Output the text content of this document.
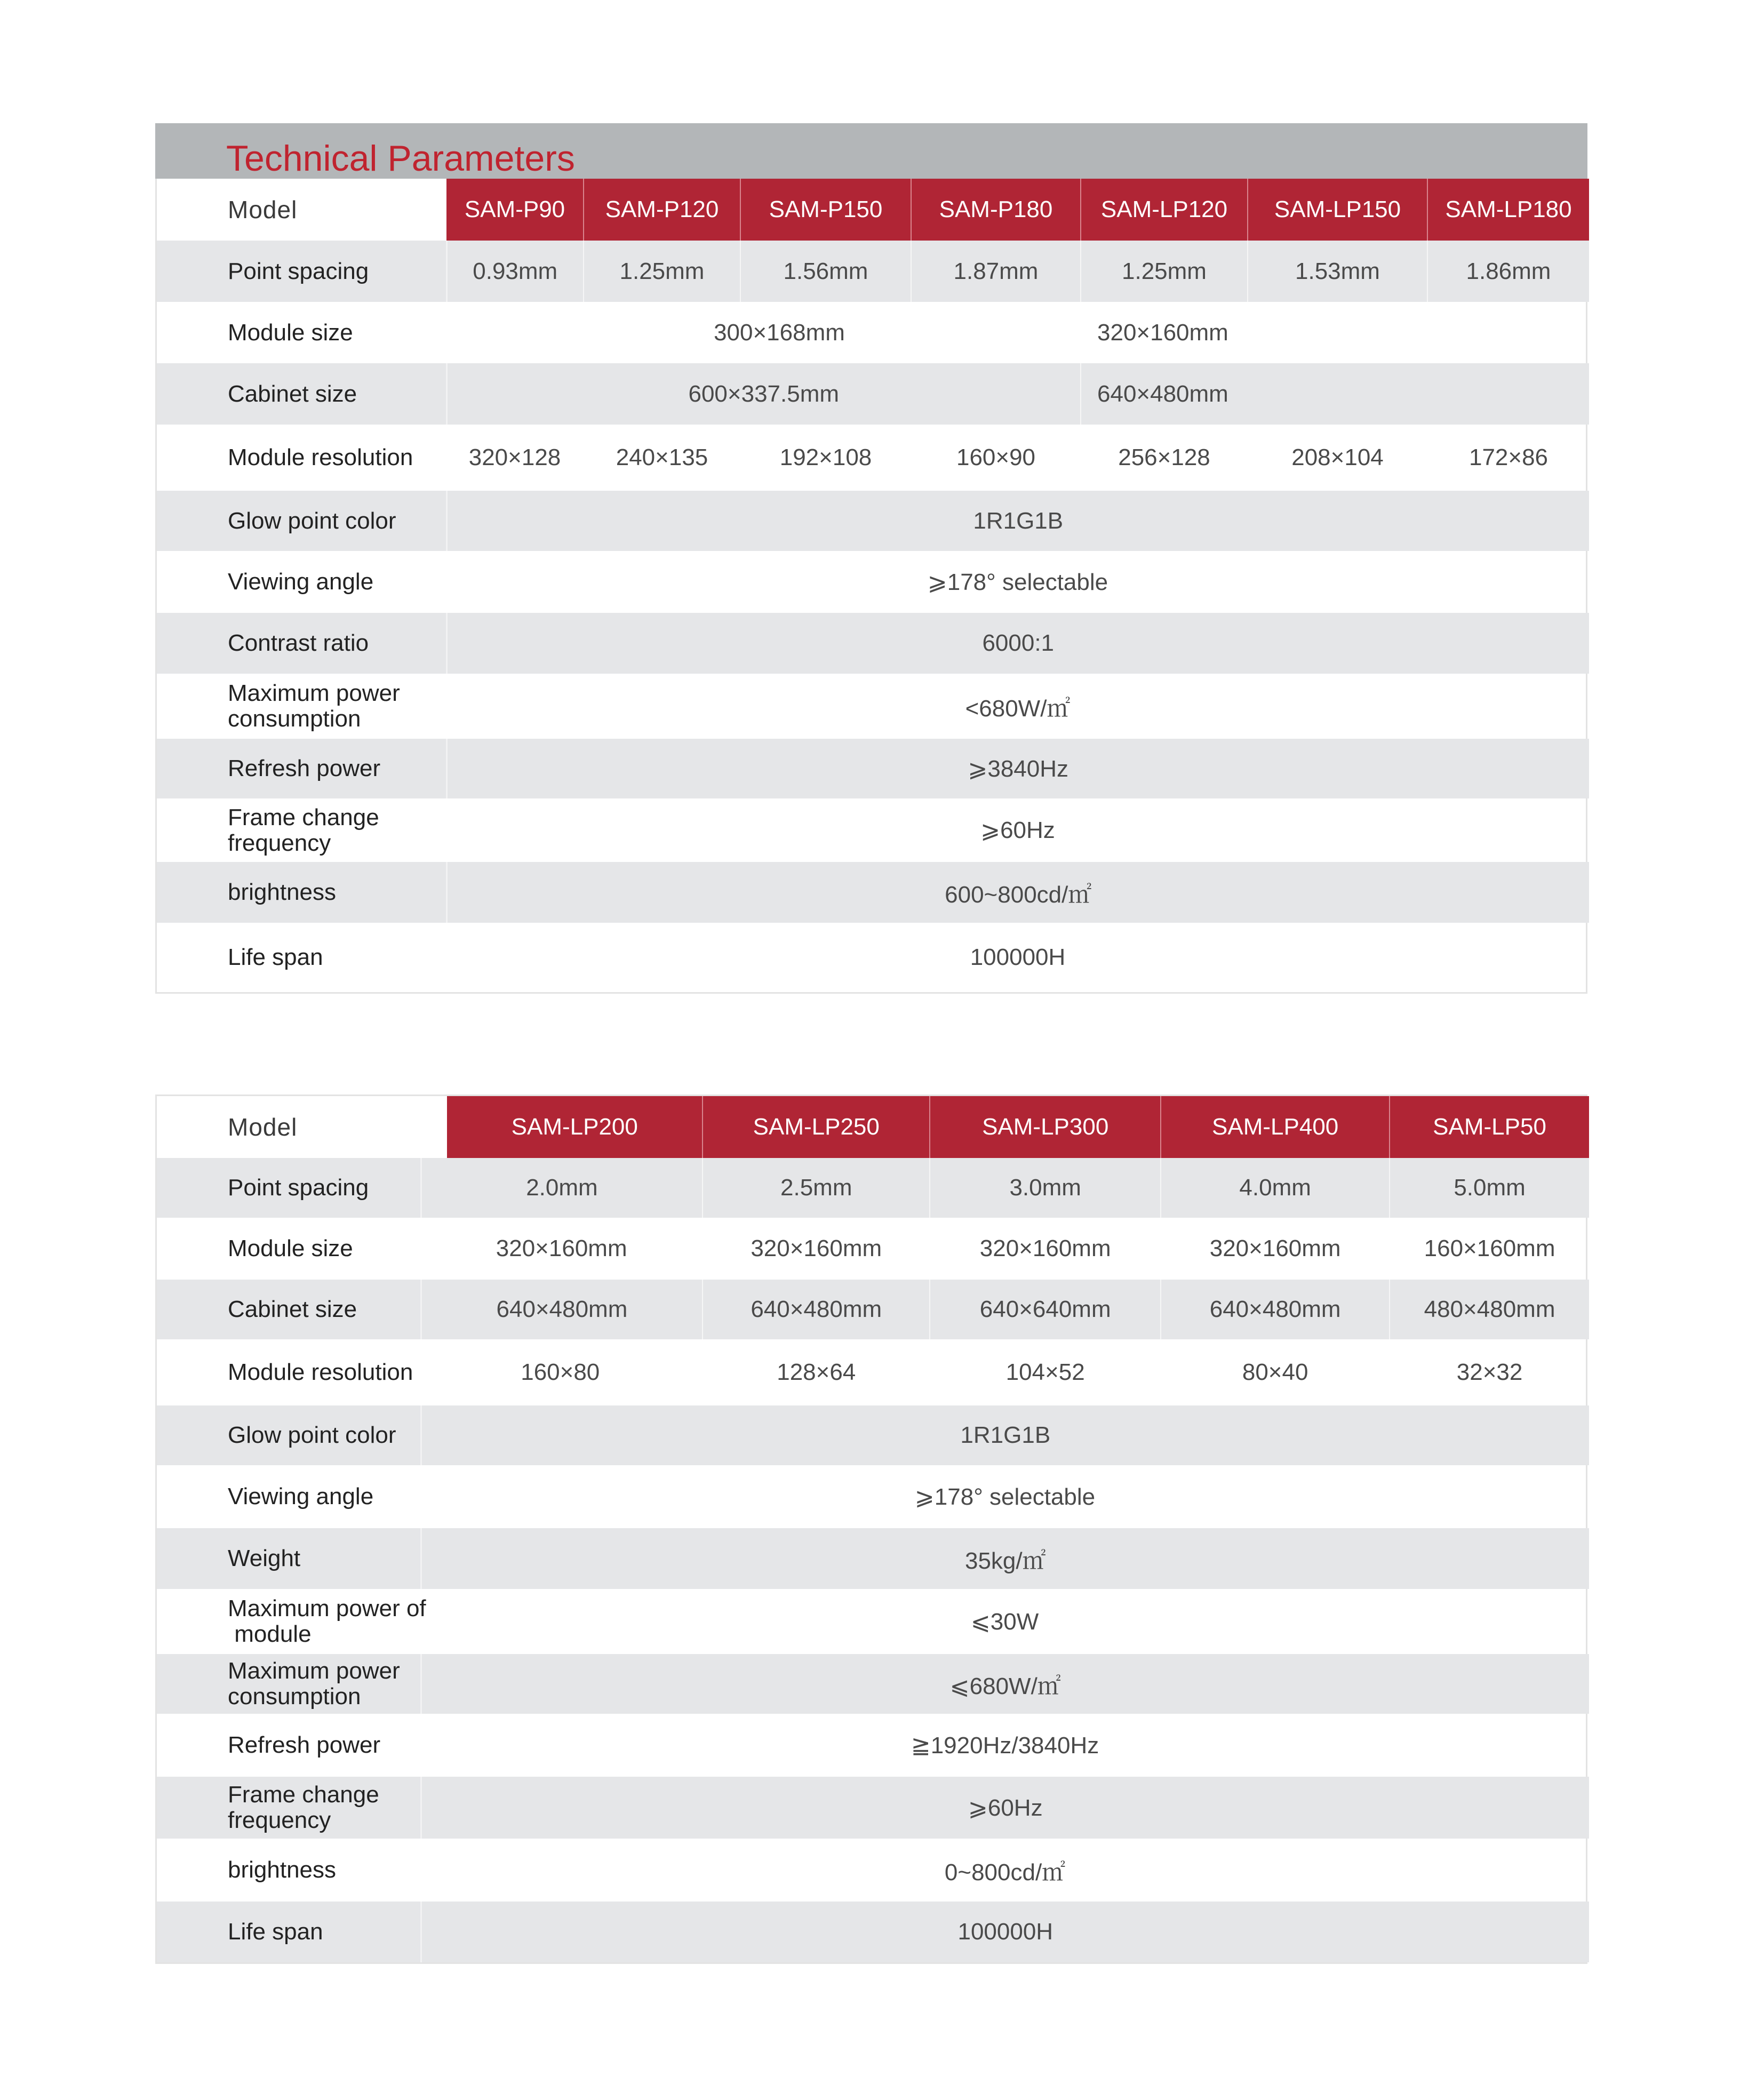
Technical Parameters
Model	SAM-P90	SAM-P120	SAM-P150	SAM-P180	SAM-LP120	SAM-LP150	SAM-LP180
Point spacing	0.93mm	1.25mm	1.56mm	1.87mm	1.25mm	1.53mm	1.86mm
Module size	300×168mm				320×160mm		
Cabinet size	600×337.5mm				640×480mm		
Module resolution	320×128	240×135	192×108	160×90	256×128	208×104	172×86
Glow point color	1R1G1B						
Viewing angle	⩾178° selectable						
Contrast ratio	6000:1						
Maximum power
consumption	<680W/㎡						
Refresh power	⩾3840Hz						
Frame change
frequency	⩾60Hz						
brightness	600~800cd/㎡						
Life span	100000H						
Model		SAM-LP200	SAM-LP250	SAM-LP300	SAM-LP400	SAM-LP50
Point spacing	2.0mm		2.5mm	3.0mm	4.0mm	5.0mm
Module size	320×160mm		320×160mm	320×160mm	320×160mm	160×160mm
Cabinet size	640×480mm		640×480mm	640×640mm	640×480mm	480×480mm
Module resolution		160×80	128×64	104×52	80×40	32×32
Glow point color	1R1G1B					
Viewing angle	⩾178° selectable					
Weight	35kg/㎡					
Maximum power of
module		⩽30W				
Maximum power
consumption	⩽680W/㎡					
Refresh power	≧1920Hz/3840Hz					
Frame change
frequency	⩾60Hz					
brightness	0~800cd/㎡					
Life span	100000H					
